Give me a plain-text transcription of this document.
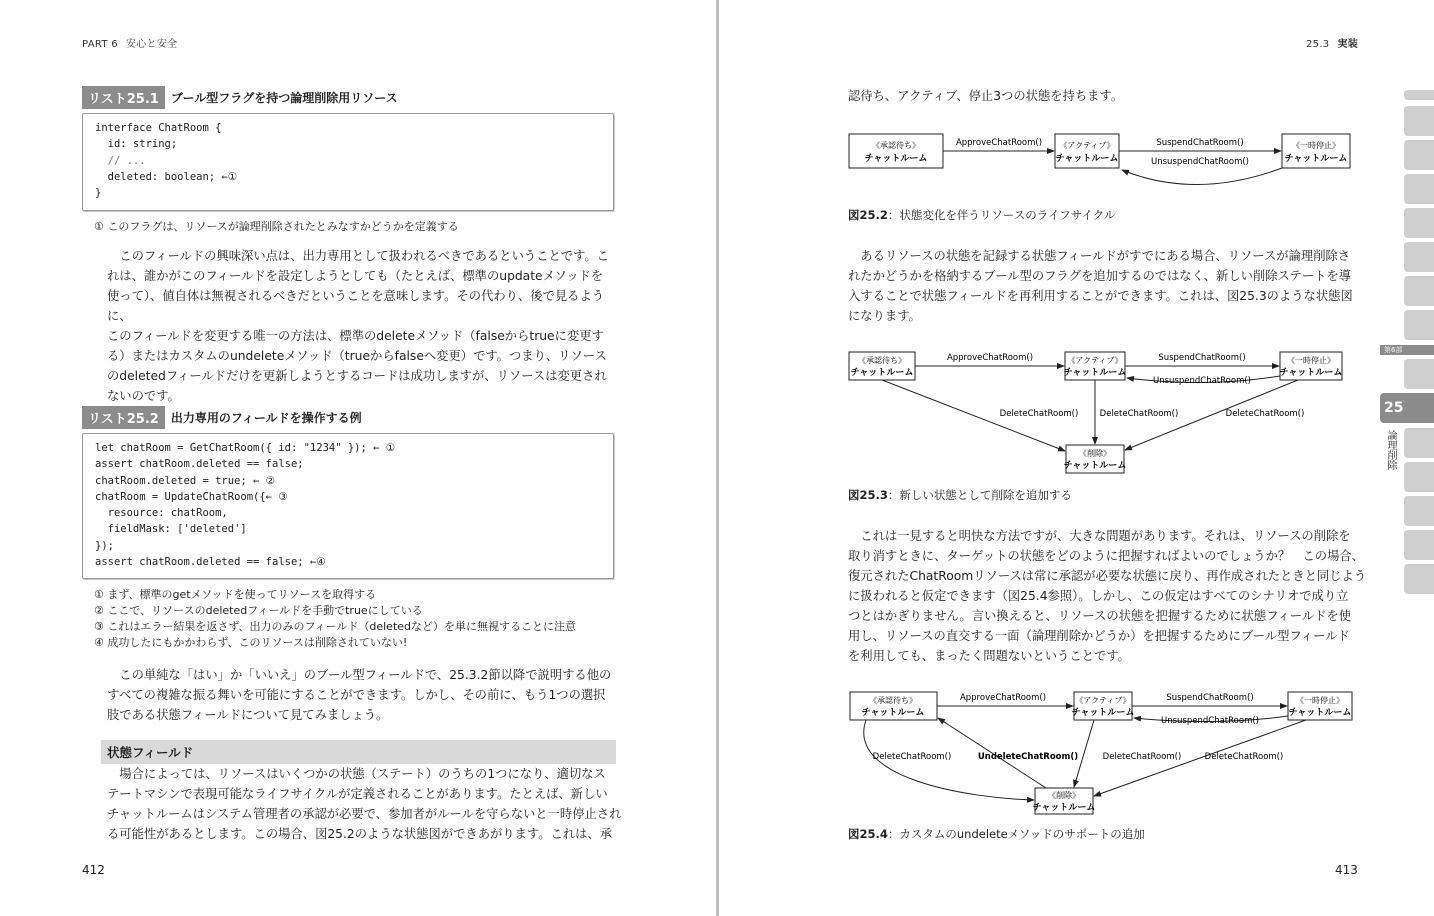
PART 6 安心と安全
リスト25.1	ブール型フラグを持つ論理削除用リソース
interface ChatRoom {
id: string;
// ...
deleted: boolean; ←①
}
① このフラグは、リソースが論理削除されたとみなすかどうかを定義する
　このフィールドの興味深い点は、出力専用として扱われるべきであるということです。こ
れは、誰かがこのフィールドを設定しようとしても（たとえば、標準のupdateメソッドを
使って）、値自体は無視されるべきだということを意味します。その代わり、後で見るように、
このフィールドを変更する唯一の方法は、標準のdeleteメソッド（falseからtrueに変更す
る）またはカスタムのundeleteメソッド（trueからfalseへ変更）です。つまり、リソース
のdeletedフィールドだけを更新しようとするコードは成功しますが、リソースは変更され
ないのです。
リスト25.2	出力専用のフィールドを操作する例
let chatRoom = GetChatRoom({ id: "1234" }); ← ①
assert chatRoom.deleted == false;
chatRoom.deleted = true; ← ②
chatRoom = UpdateChatRoom({← ③
resource: chatRoom,
fieldMask: ['deleted']
});
assert chatRoom.deleted == false; ←④
① まず、標準のgetメソッドを使ってリソースを取得する
② ここで、リソースのdeletedフィールドを手動でtrueにしている
③ これはエラー結果を返さず、出力のみのフィールド（deletedなど）を単に無視することに注意
④ 成功したにもかかわらず、このリソースは削除されていない!
　この単純な「はい」か「いいえ」のブール型フィールドで、25.3.2節以降で説明する他の
すべての複雑な振る舞いを可能にすることができます。しかし、その前に、もう1つの選択
肢である状態フィールドについて見てみましょう。
状態フィールド
　場合によっては、リソースはいくつかの状態（ステート）のうちの1つになり、適切なス
テートマシンで表現可能なライフサイクルが定義されることがあります。たとえば、新しい
チャットルームはシステム管理者の承認が必要で、参加者がルールを守らないと一時停止され
る可能性があるとします。この場合、図25.2のような状態図ができあがります。これは、承
412
25.3 実装
認待ち、アクティブ、停止3つの状態を持ちます。
《承認待ち》
チャットルーム
《アクティブ》
チャットルーム
《一時停止》
チャットルーム
ApproveChatRoom()	SuspendChatRoom()
UnsuspendChatRoom()
図25.2：状態変化を伴うリソースのライフサイクル
　あるリソースの状態を記録する状態フィールドがすでにある場合、リソースが論理削除さ
れたかどうかを格納するブール型のフラグを追加するのではなく、新しい削除ステートを導
入することで状態フィールドを再利用することができます。これは、図25.3のような状態図
になります。
《承認待ち》
チャットルーム
《アクティブ》
チャットルーム
《一時停止》
チャットルーム
《削除》
チャットルーム
ApproveChatRoom()	SuspendChatRoom()
UnsuspendChatRoom()
DeleteChatRoom()	DeleteChatRoom()	DeleteChatRoom()
図25.3：新しい状態として削除を追加する
　これは一見すると明快な方法ですが、大きな問題があります。それは、リソースの削除を
取り消すときに、ターゲットの状態をどのように把握すればよいのでしょうか？　この場合、
復元されたChatRoomリソースは常に承認が必要な状態に戻り、再作成されたときと同じよう
に扱われると仮定できます（図25.4参照）。しかし、この仮定はすべてのシナリオで成り立
つとはかぎりません。言い換えると、リソースの状態を把握するために状態フィールドを使
用し、リソースの直交する一面（論理削除かどうか）を把握するためにブール型フィールド
を利用しても、まったく問題ないということです。
《承認待ち》
チャットルーム
《アクティブ》
チャットルーム
《一時停止》
チャットルーム
《削除》
チャットルーム
ApproveChatRoom()	SuspendChatRoom()
UnsuspendChatRoom()
DeleteChatRoom()	UndeleteChatRoom()	DeleteChatRoom()	DeleteChatRoom()
図25.4：カスタムのundeleteメソッドのサポートの追加
413
第6部
25
論理削除
